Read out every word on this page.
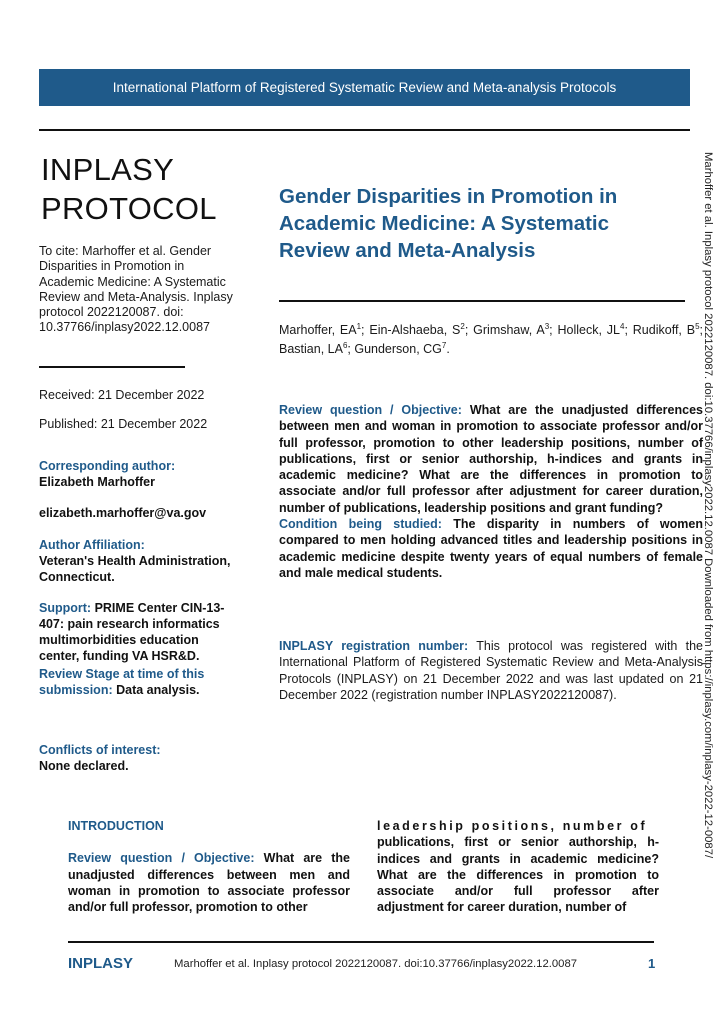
International Platform of Registered Systematic Review and Meta-analysis Protocols
INPLASY
PROTOCOL
To cite: Marhoffer et al. Gender Disparities in Promotion in Academic Medicine: A Systematic Review and Meta-Analysis. Inplasy protocol 2022120087. doi: 10.37766/inplasy2022.12.0087
Received: 21 December 2022
Published: 21 December 2022
Corresponding author:
Elizabeth Marhoffer
elizabeth.marhoffer@va.gov
Author Affiliation:
Veteran's Health Administration, Connecticut.
Support: PRIME Center CIN-13-407: pain research informatics multimorbidities education center, funding VA HSR&D.
Review Stage at time of this submission: Data analysis.
Conflicts of interest:
None declared.
Gender Disparities in Promotion in Academic Medicine: A Systematic Review and Meta-Analysis
Marhoffer, $EA^1$; Ein-Alshaeba, $S^2$; Grimshaw, $A^3$; Holleck, $JL^4$; Rudikoff, $B^5$; Bastian, $LA^6$; Gunderson, $CG^7$.
Review question / Objective: What are the unadjusted differences between men and woman in promotion to associate professor and/or full professor, promotion to other leadership positions, number of publications, first or senior authorship, h-indices and grants in academic medicine? What are the differences in promotion to associate and/or full professor after adjustment for career duration, number of publications, leadership positions and grant funding?
Condition being studied: The disparity in numbers of women compared to men holding advanced titles and leadership positions in academic medicine despite twenty years of equal numbers of female and male medical students.
INPLASY registration number: This protocol was registered with the International Platform of Registered Systematic Review and Meta-Analysis Protocols (INPLASY) on 21 December 2022 and was last updated on 21 December 2022 (registration number INPLASY2022120087).	Marhoffer et al. Inplasy protocol 2022120087. doi:10.37766/inplasy2022.12.0087 Downloaded from https://inplasy.com/inplasy-2022-12-0087/
INTRODUCTION
Review question / Objective: What are the unadjusted differences between men and woman in promotion to associate professor and/or full professor, promotion to other
leadership positions, number of
publications, first or senior authorship, h-indices and grants in academic medicine? What are the differences in promotion to associate and/or full professor after adjustment for career duration, number of
INPLASY	Marhoffer et al. Inplasy protocol 2022120087. doi:10.37766/inplasy2022.12.0087	1
